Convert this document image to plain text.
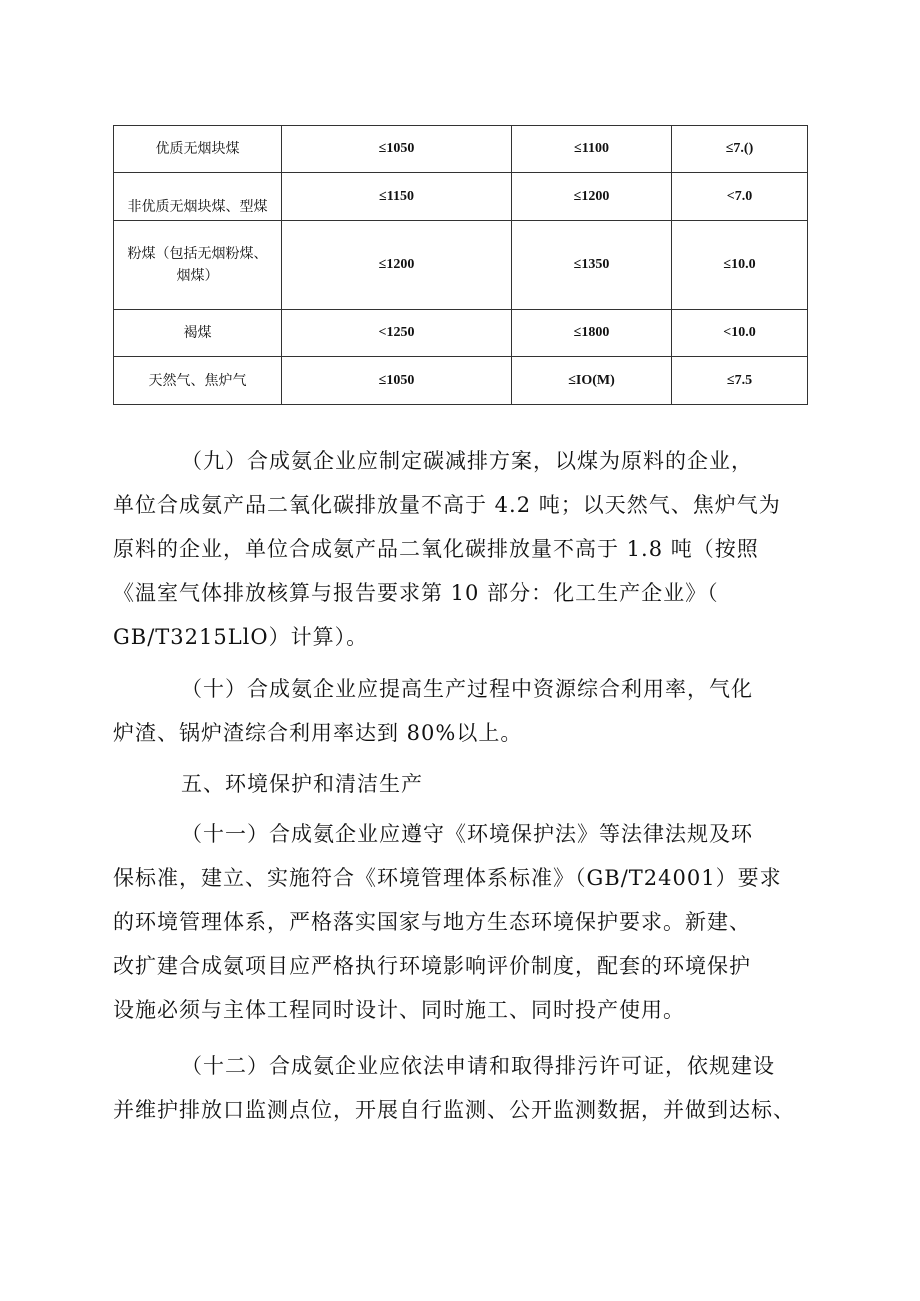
优质无烟块煤	≤1050	≤1100	≤7.()
非优质无烟块煤、型煤	≤1150	≤1200	<7.0
粉煤（包括无烟粉煤、烟煤）	≤1200	≤1350	≤10.0
褐煤	<1250	≤1800	<10.0
天然气、焦炉气	≤1050	≤IO(M)	≤7.5
（九）合成氨企业应制定碳减排方案，以煤为原料的企业，
单位合成氨产品二氧化碳排放量不高于 4.2 吨；以天然气、焦炉气为
原料的企业，单位合成氨产品二氧化碳排放量不高于 1.8 吨（按照
《温室气体排放核算与报告要求第 10 部分：化工生产企业》（
GB/T3215LlO）计算）。
（十）合成氨企业应提高生产过程中资源综合利用率，气化
炉渣、锅炉渣综合利用率达到 80%以上。
五、环境保护和清洁生产
（十一）合成氨企业应遵守《环境保护法》等法律法规及环
保标准，建立、实施符合《环境管理体系标准》（GB/T24001）要求
的环境管理体系，严格落实国家与地方生态环境保护要求。新建、
改扩建合成氨项目应严格执行环境影响评价制度，配套的环境保护
设施必须与主体工程同时设计、同时施工、同时投产使用。
（十二）合成氨企业应依法申请和取得排污许可证，依规建设
并维护排放口监测点位，开展自行监测、公开监测数据，并做到达标、
